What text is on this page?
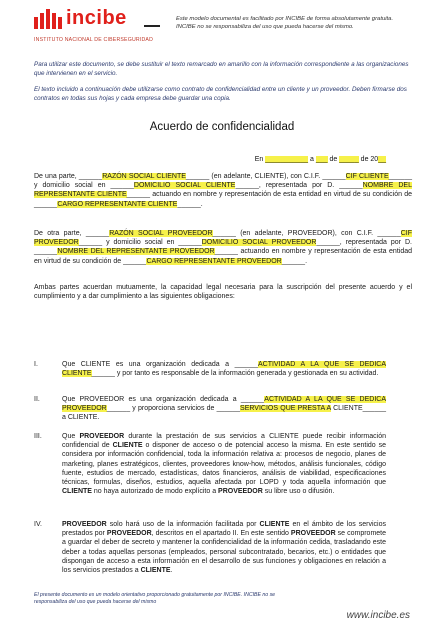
incibe
INSTITUTO NACIONAL DE CIBERSEGURIDAD
Este modelo documental es facilitado por INCIBE de forma absolutamente gratuita. INCIBE no se responsabiliza del uso que pueda hacerse del mismo.
Para utilizar este documento, se debe sustituir el texto remarcado en amarillo con la información correspondiente a las organizaciones que intervienen en el servicio.
El texto incluido a continuación debe utilizarse como contrato de confidencialidad entre un cliente y un proveedor. Deben firmarse dos contratos en todas sus hojas y cada empresa debe guardar una copia.
Acuerdo de confidencialidad
En ___________ a ___ de _____ de 20__
De una parte, ______RAZÓN SOCIAL CLIENTE______ (en adelante, CLIENTE), con C.I.F. ______CIF CLIENTE______ y domicilio social en ______DOMICILIO SOCIAL CLIENTE______, representada por D. ______NOMBRE DEL REPRESENTANTE CLIENTE______ actuando en nombre y representación de esta entidad en virtud de su condición de ______CARGO REPRESENTANTE CLIENTE______.
De otra parte, ______RAZÓN SOCIAL PROVEEDOR______ (en adelante, PROVEEDOR), con C.I.F. ______CIF PROVEEDOR______ y domicilio social en ______DOMICILIO SOCIAL PROVEEDOR______, representada por D. ______NOMBRE DEL REPRESENTANTE PROVEEDOR______ actuando en nombre y representación de esta entidad en virtud de su condición de ______CARGO REPRESENTANTE PROVEEDOR______.
Ambas partes acuerdan mutuamente, la capacidad legal necesaria para la suscripción del presente acuerdo y el cumplimiento y a dar cumplimiento a las siguientes obligaciones:
I.	Que CLIENTE es una organización dedicada a ______ACTIVIDAD A LA QUE SE DEDICA CLIENTE______ y por tanto es responsable de la información generada y gestionada en su actividad.
II.	Que PROVEEDOR es una organización dedicada a ______ACTIVIDAD A LA QUE SE DEDICA PROVEEDOR______ y proporciona servicios de ______SERVICIOS QUE PRESTA A CLIENTE______ a CLIENTE.
III.	Que PROVEEDOR durante la prestación de sus servicios a CLIENTE puede recibir información confidencial de CLIENTE o disponer de acceso o de potencial acceso la misma. En este sentido se considera por información confidencial, toda la información relativa a: procesos de negocio, planes de marketing, planes estratégicos, clientes, proveedores know-how, métodos, análisis funcionales, código fuente, estudios de mercado, estadísticas, datos financieros, análisis de viabilidad, especificaciones técnicas, formulas, diseños, estudios, aquella afectada por LOPD y toda aquella información que CLIENTE no haya autorizado de modo explícito a PROVEEDOR su libre uso o difusión.
IV.	PROVEEDOR solo hará uso de la información facilitada por CLIENTE en el ámbito de los servicios prestados por PROVEEDOR, descritos en el apartado II. En este sentido PROVEEDOR se compromete a guardar el deber de secreto y mantener la confidencialidad de la información cedida, trasladando este deber a todas aquellas personas (empleados, personal subcontratado, becarios, etc.) o entidades que dispongan de acceso a esta información en el desarrollo de sus funciones y obligaciones en relación a los servicios prestados a CLIENTE.
El presente documento es un modelo orientativo proporcionado gratuitamente por INCIBE. INCIBE no se responsabiliza del uso que pueda hacerse del mismo
www.incibe.es
